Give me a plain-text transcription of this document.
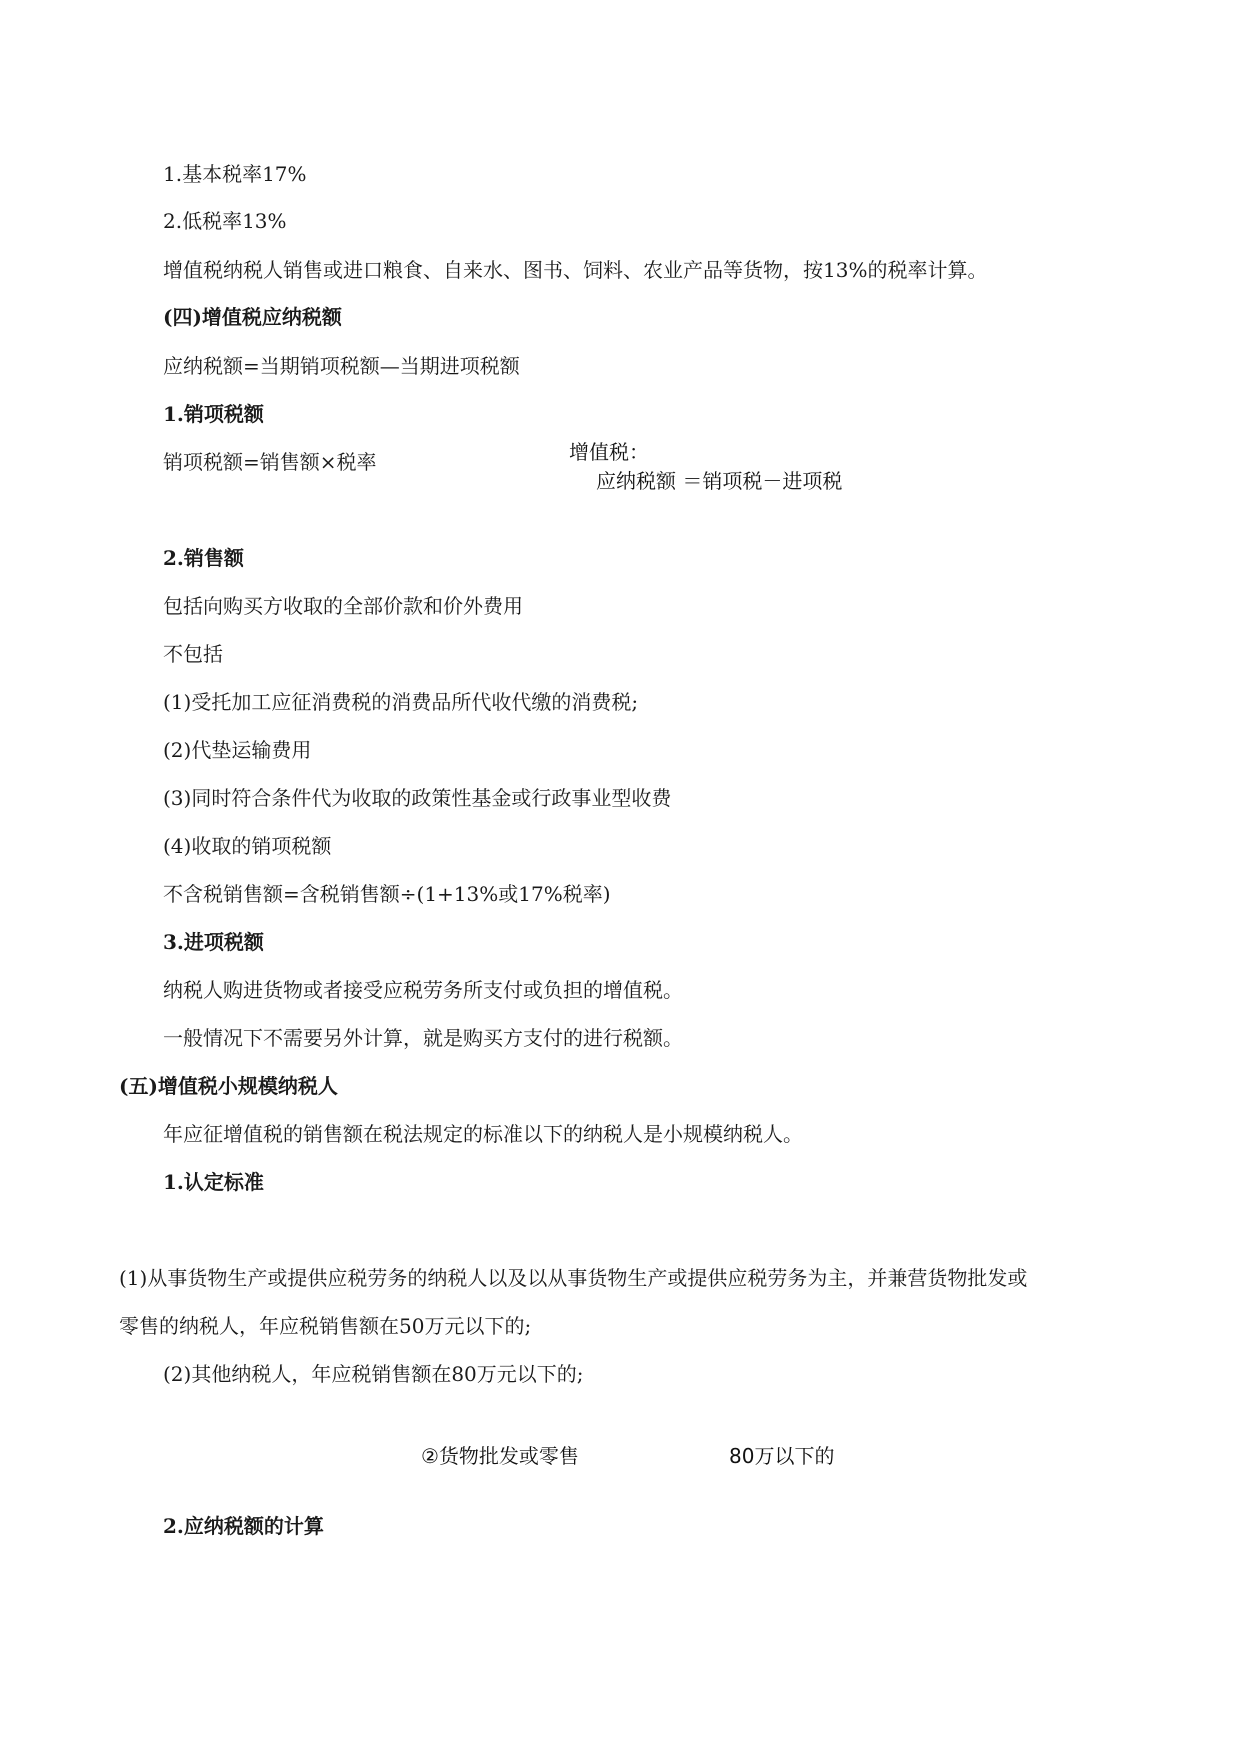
1.基本税率17%
2.低税率13%
增值税纳税人销售或进口粮食、自来水、图书、饲料、农业产品等货物，按13%的税率计算。
(四)增值税应纳税额
应纳税额=当期销项税额—当期进项税额
1.销项税额
销项税额=销售额×税率	增值税：
应纳税额 ＝销项税－进项税
2.销售额
包括向购买方收取的全部价款和价外费用
不包括
(1)受托加工应征消费税的消费品所代收代缴的消费税;
(2)代垫运输费用
(3)同时符合条件代为收取的政策性基金或行政事业型收费
(4)收取的销项税额
不含税销售额=含税销售额÷(1+13%或17%税率)
3.进项税额
纳税人购进货物或者接受应税劳务所支付或负担的增值税。
一般情况下不需要另外计算，就是购买方支付的进行税额。
(五)增值税小规模纳税人
年应征增值税的销售额在税法规定的标准以下的纳税人是小规模纳税人。
1.认定标准
(1)从事货物生产或提供应税劳务的纳税人以及以从事货物生产或提供应税劳务为主，并兼营货物批发或
零售的纳税人，年应税销售额在50万元以下的;
(2)其他纳税人，年应税销售额在80万元以下的;
②货物批发或零售	80万以下的
2.应纳税额的计算
